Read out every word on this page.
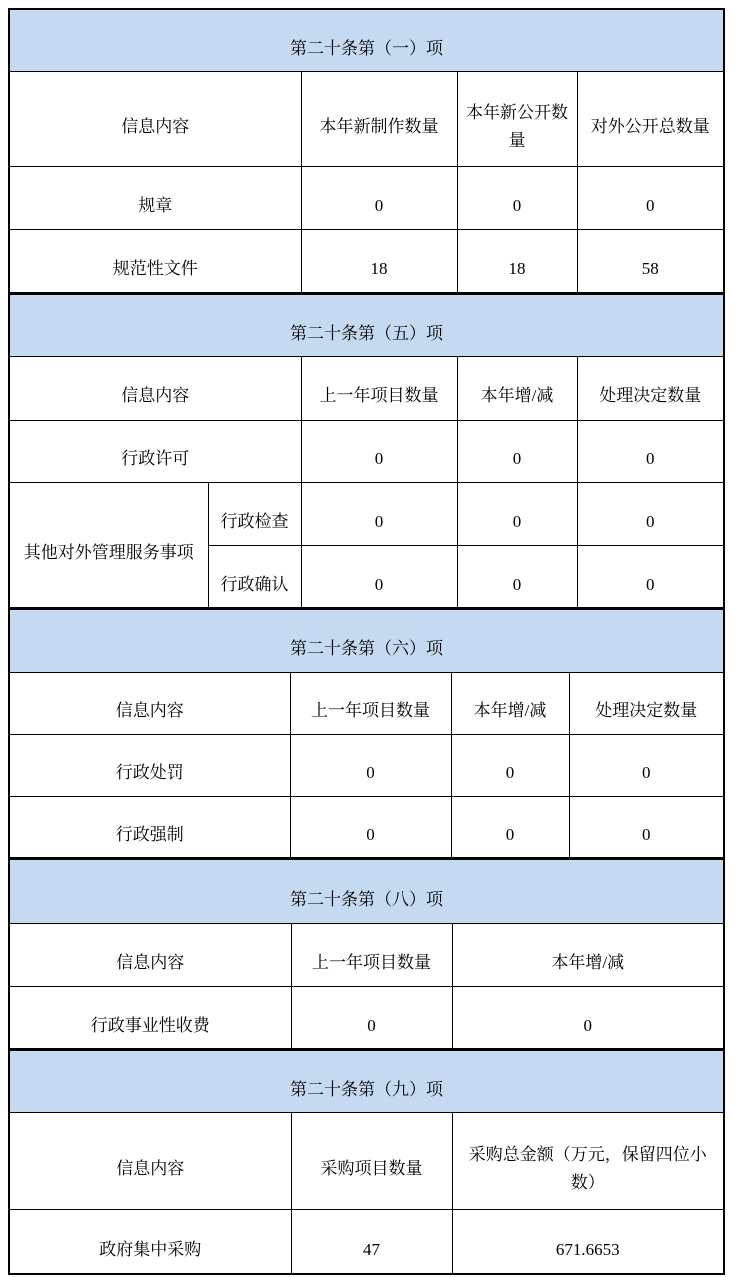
第二十条第（一）项			
信息内容	本年新制作数量	本年新公开数量	对外公开总数量
规章	0	0	0
规范性文件	18	18	58
第二十条第（五）项				
信息内容		上一年项目数量	本年增/减	处理决定数量
行政许可		0	0	0
其他对外管理服务事项	行政检查	0	0	0
	行政确认	0	0	0
第二十条第（六）项			
信息内容	上一年项目数量	本年增/减	处理决定数量
行政处罚	0	0	0
行政强制	0	0	0
第二十条第（八）项		
信息内容	上一年项目数量	本年增/减
行政事业性收费	0	0
第二十条第（九）项		
信息内容	采购项目数量	采购总金额（万元，保留四位小数）
政府集中采购	47	671.6653
